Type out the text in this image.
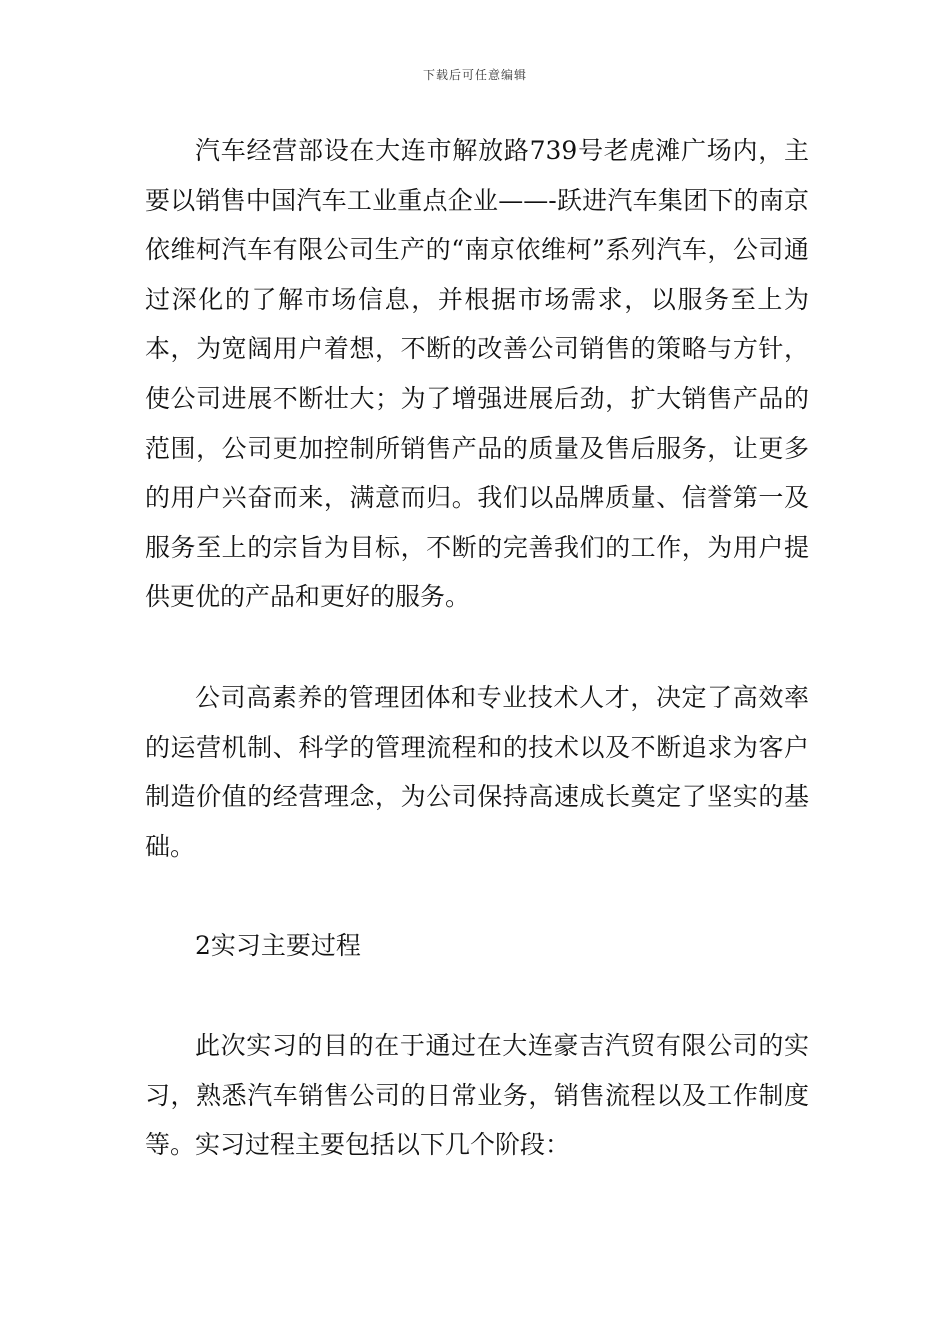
下载后可任意编辑

汽车经营部设在大连市解放路739号老虎滩广场内，主要以销售中国汽车工业重点企业——-跃进汽车集团下的南京依维柯汽车有限公司生产的“南京依维柯”系列汽车，公司通过深化的了解市场信息，并根据市场需求，以服务至上为本，为宽阔用户着想，不断的改善公司销售的策略与方针，使公司进展不断壮大；为了增强进展后劲，扩大销售产品的范围，公司更加控制所销售产品的质量及售后服务，让更多的用户兴奋而来，满意而归。我们以品牌质量、信誉第一及服务至上的宗旨为目标，不断的完善我们的工作，为用户提供更优的产品和更好的服务。

公司高素养的管理团体和专业技术人才，决定了高效率的运营机制、科学的管理流程和的技术以及不断追求为客户制造价值的经营理念，为公司保持高速成长奠定了坚实的基础。

2实习主要过程

此次实习的目的在于通过在大连豪吉汽贸有限公司的实习，熟悉汽车销售公司的日常业务，销售流程以及工作制度等。实习过程主要包括以下几个阶段：
